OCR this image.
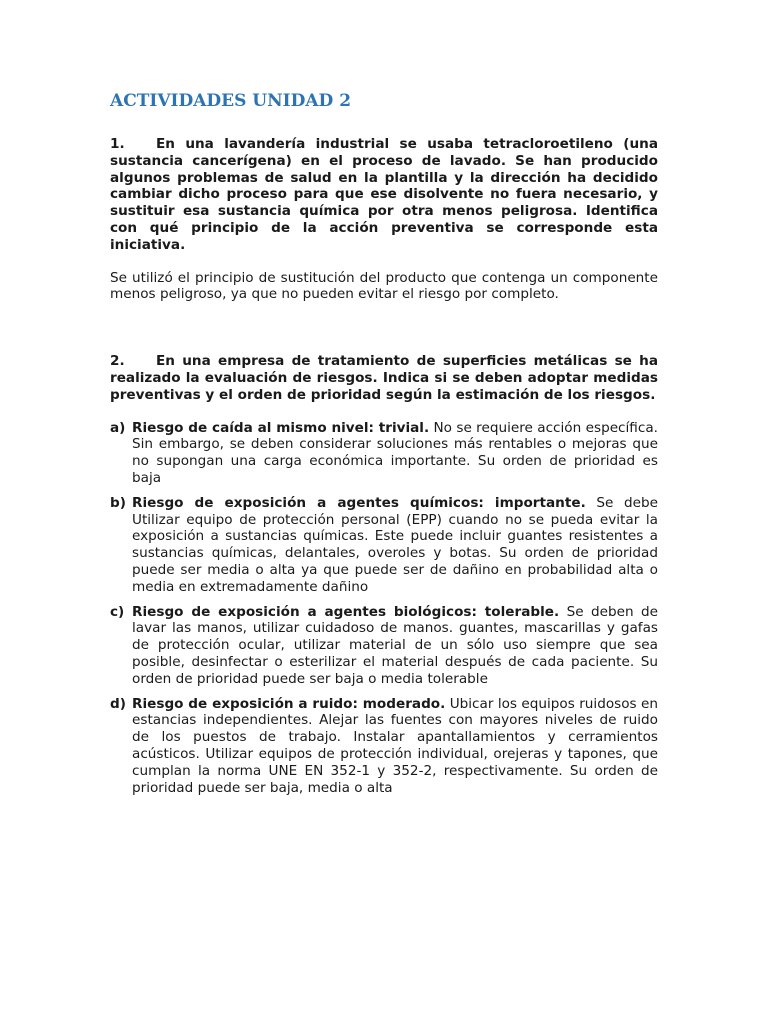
ACTIVIDADES UNIDAD 2

1. En una lavandería industrial se usaba tetracloroetileno (una sustancia cancerígena) en el proceso de lavado. Se han producido algunos problemas de salud en la plantilla y la dirección ha decidido cambiar dicho proceso para que ese disolvente no fuera necesario, y sustituir esa sustancia química por otra menos peligrosa. Identifica con qué principio de la acción preventiva se corresponde esta iniciativa.

Se utilizó el principio de sustitución del producto que contenga un componente menos peligroso, ya que no pueden evitar el riesgo por completo.

2. En una empresa de tratamiento de superficies metálicas se ha realizado la evaluación de riesgos. Indica si se deben adoptar medidas preventivas y el orden de prioridad según la estimación de los riesgos.

a) Riesgo de caída al mismo nivel: trivial. No se requiere acción específica. Sin embargo, se deben considerar soluciones más rentables o mejoras que no supongan una carga económica importante. Su orden de prioridad es baja
b) Riesgo de exposición a agentes químicos: importante. Se debe Utilizar equipo de protección personal (EPP) cuando no se pueda evitar la exposición a sustancias químicas. Este puede incluir guantes resistentes a sustancias químicas, delantales, overoles y botas. Su orden de prioridad puede ser media o alta ya que puede ser de dañino en probabilidad alta o media en extremadamente dañino
c) Riesgo de exposición a agentes biológicos: tolerable. Se deben de lavar las manos, utilizar cuidadoso de manos. guantes, mascarillas y gafas de protección ocular, utilizar material de un sólo uso siempre que sea posible, desinfectar o esterilizar el material después de cada paciente. Su orden de prioridad puede ser baja o media tolerable
d) Riesgo de exposición a ruido: moderado. Ubicar los equipos ruidosos en estancias independientes. Alejar las fuentes con mayores niveles de ruido de los puestos de trabajo. Instalar apantallamientos y cerramientos acústicos. Utilizar equipos de protección individual, orejeras y tapones, que cumplan la norma UNE EN 352-1 y 352-2, respectivamente. Su orden de prioridad puede ser baja, media o alta
